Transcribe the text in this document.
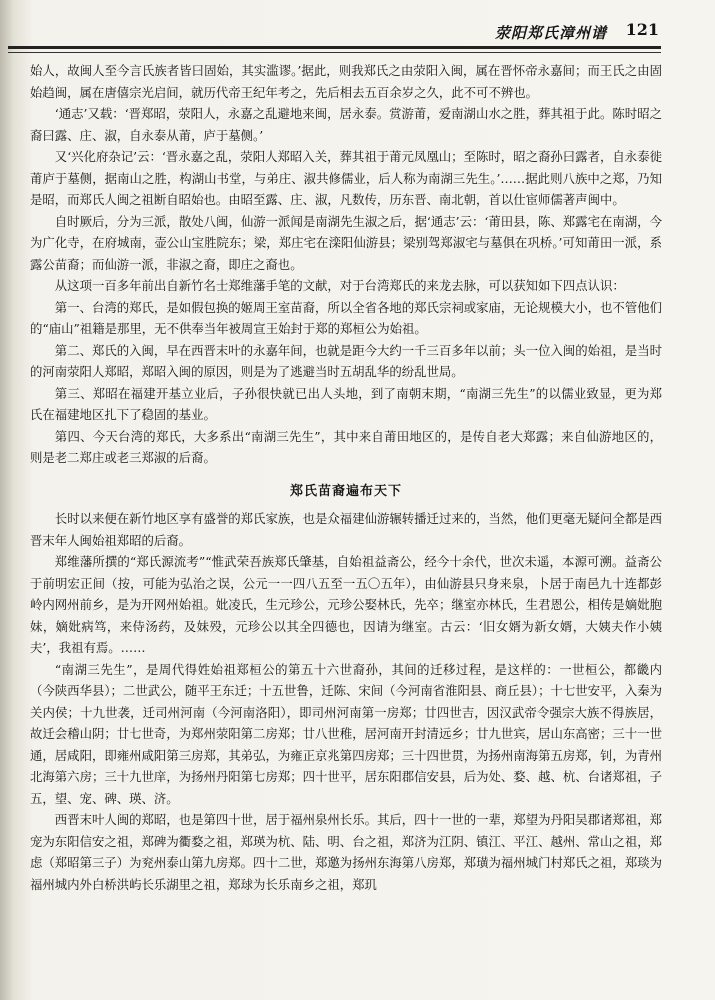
荥阳郑氏漳州谱 121

始人，故闽人至今言氏族者皆曰固始，其实滥谬。’据此，则我郑氏之由荥阳入闽，属在晋怀帝永嘉间；而王氏之由固始趋闽，属在唐僖宗光启间，就历代帝王纪年考之，先后相去五百余岁之久，此不可不辨也。

‘通志’又载：‘晋郑昭，荥阳人，永嘉之乱避地来闽，居永泰。赏游莆，爱南湖山水之胜，葬其祖于此。陈时昭之裔曰露、庄、淑，自永泰从莆，庐于墓侧。’

又‘兴化府杂记’云：‘晋永嘉之乱，荥阳人郑昭入关，葬其祖于莆元凤凰山；至陈时，昭之裔孙曰露者，自永泰徙莆庐于墓侧，据南山之胜，构湖山书堂，与弟庄、淑共修儒业，后人称为南湖三先生。’……据此则八族中之郑，乃知是昭，而郑氏人闽之祖断自昭始也。由昭至露、庄、淑，凡数传，历东晋、南北朝，首以仕宦师儒著声闽中。

自时厥后，分为三派，散处八闽，仙游一派闻是南湖先生淑之后，据‘通志’云：‘莆田县，陈、郑露宅在南湖，今为广化寺，在府城南，壶公山宝胜院东；梁，郑庄宅在滦阳仙游县；梁别驾郑淑宅与墓俱在巩桥。’可知莆田一派，系露公苗裔；而仙游一派，非淑之裔，即庄之裔也。

从这项一百多年前出自新竹名士郑维藩手笔的文献，对于台湾郑氏的来龙去脉，可以获知如下四点认识：

第一、台湾的郑氏，是如假包换的姬周王室苗裔，所以全省各地的郑氏宗祠或家庙，无论规模大小，也不管他们的“庙山”祖籍是那里，无不供奉当年被周宣王始封于郑的郑桓公为始祖。

第二、郑氏的入闽，早在西晋末叶的永嘉年间，也就是距今大约一千三百多年以前；头一位入闽的始祖，是当时的河南荥阳人郑昭，郑昭入闽的原因，则是为了逃避当时五胡乱华的纷乱世局。

第三、郑昭在福建开基立业后，子孙很快就已出人头地，到了南朝末期，“南湖三先生”的以儒业致显，更为郑氏在福建地区扎下了稳固的基业。

第四、今天台湾的郑氏，大多系出“南湖三先生”，其中来自莆田地区的，是传自老大郑露；来自仙游地区的，则是老二郑庄或老三郑淑的后裔。

郑氏苗裔遍布天下

长时以来便在新竹地区享有盛誉的郑氏家族，也是众福建仙游辗转播迁过来的，当然，他们更毫无疑问全都是西晋末年人闽始祖郑昭的后裔。

郑维藩所撰的“郑氏源流考”“惟武荣吾族郑氏肇基，自始祖益斋公，经今十余代，世次未遥，本源可溯。益斋公于前明宏正间（按，可能为弘治之误，公元一一四八五至一五〇五年），由仙游县只身来泉，卜居于南邑九十连都彭岭内网州前乡，是为开网州始祖。妣凌氏，生元珍公，元珍公娶林氏，先卒；继室亦林氏，生君恩公，相传是嫡妣胞妹，嫡妣病笃，来侍汤药，及妹殁，元珍公以其全四德也，因请为继室。古云：‘旧女婿为新女婿，大姨夫作小姨夫’，我祖有焉。……

“南湖三先生”，是周代得姓始祖郑桓公的第五十六世裔孙，其间的迁移过程，是这样的：一世桓公，都畿内（今陕西华县）；二世武公，随平王东迁；十五世鲁，迁陈、宋间（今河南省淮阳县、商丘县）；十七世安平，入秦为关内侯；十九世袭，迁司州河南（今河南洛阳），即司州河南第一房郑；廿四世吉，因汉武帝令强宗大族不得族居，故迁会稽山阴；廿七世奇，为郑州荥阳第二房郑；廿八世稚，居河南开封清远乡；廿九世宾，居山东高密；三十一世通，居咸阳，即雍州咸阳第三房郑，其弟弘，为雍正京兆第四房郑；三十四世贯，为扬州南海第五房郑，钊，为青州北海第六房；三十九世庠，为扬州丹阳第七房郑；四十世平，居东阳郡信安县，后为处、婺、越、杭、台诸郑祖，子五，望、宠、碑、瑛、济。

西晋末叶人闽的郑昭，也是第四十世，居于福州泉州长乐。其后，四十一世的一辈，郑望为丹阳吴郡诸郑祖，郑宠为东阳信安之祖，郑碑为衢婺之祖，郑瑛为杭、陆、明、台之祖，郑济为江阴、镇江、平江、越州、常山之祖，郑虑（郑昭第三子）为兖州泰山第九房郑。四十二世，郑邀为扬州东海第八房郑，郑璜为福州城门村郑氏之祖，郑琰为福州城内外白桥洪屿长乐湖里之祖，郑球为长乐南乡之祖，郑玑
